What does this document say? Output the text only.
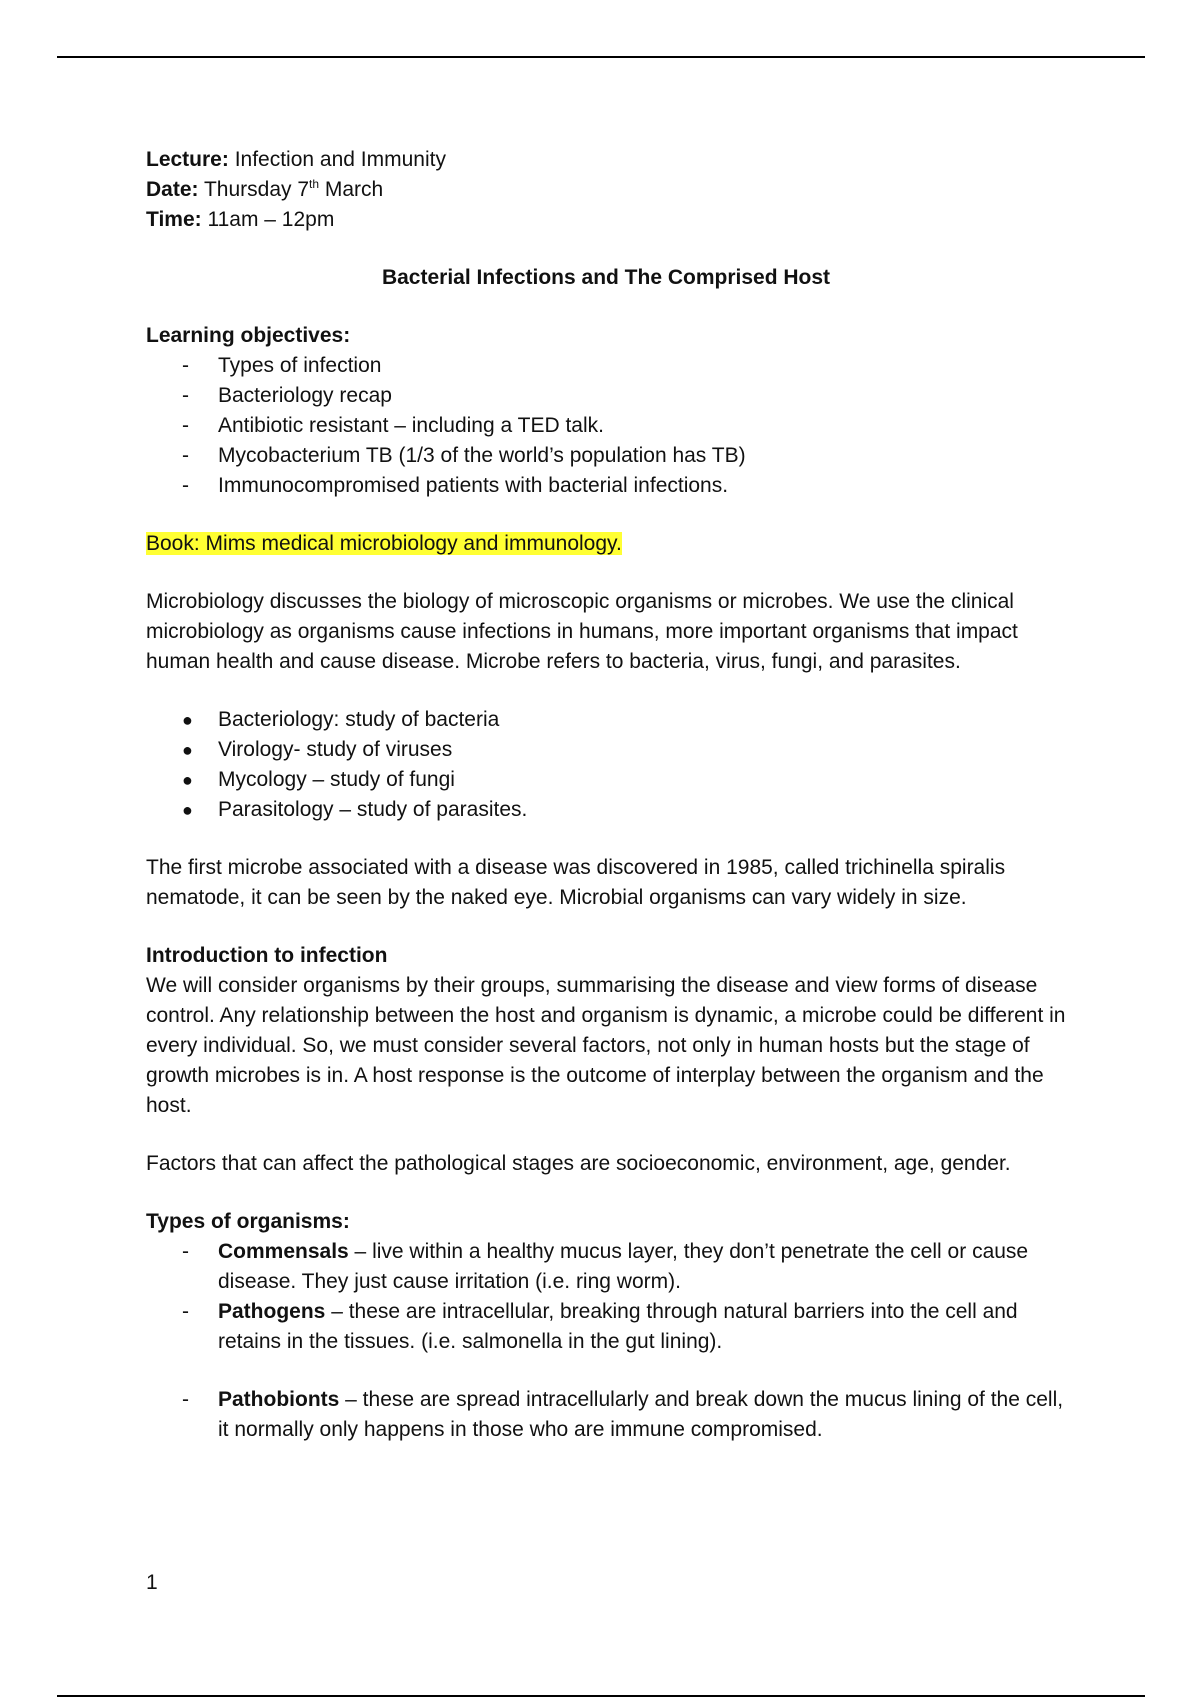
Lecture: Infection and Immunity

Date: Thursday 7th March

Time: 11am – 12pm

Bacterial Infections and The Comprised Host

Learning objectives:

- Types of infection
- Bacteriology recap
- Antibiotic resistant – including a TED talk.
- Mycobacterium TB (1/3 of the world’s population has TB)
- Immunocompromised patients with bacterial infections.

Book: Mims medical microbiology and immunology.

Microbiology discusses the biology of microscopic organisms or microbes. We use the clinical microbiology as organisms cause infections in humans, more important organisms that impact human health and cause disease. Microbe refers to bacteria, virus, fungi, and parasites.

● Bacteriology: study of bacteria
● Virology- study of viruses
● Mycology – study of fungi
● Parasitology – study of parasites.

The first microbe associated with a disease was discovered in 1985, called trichinella spiralis nematode, it can be seen by the naked eye. Microbial organisms can vary widely in size.

Introduction to infection

We will consider organisms by their groups, summarising the disease and view forms of disease control. Any relationship between the host and organism is dynamic, a microbe could be different in every individual. So, we must consider several factors, not only in human hosts but the stage of growth microbes is in. A host response is the outcome of interplay between the organism and the host.

Factors that can affect the pathological stages are socioeconomic, environment, age, gender.

Types of organisms:

- Commensals – live within a healthy mucus layer, they don’t penetrate the cell or cause disease. They just cause irritation (i.e. ring worm).
- Pathogens – these are intracellular, breaking through natural barriers into the cell and retains in the tissues. (i.e. salmonella in the gut lining).
- Pathobionts – these are spread intracellularly and break down the mucus lining of the cell, it normally only happens in those who are immune compromised.
1
